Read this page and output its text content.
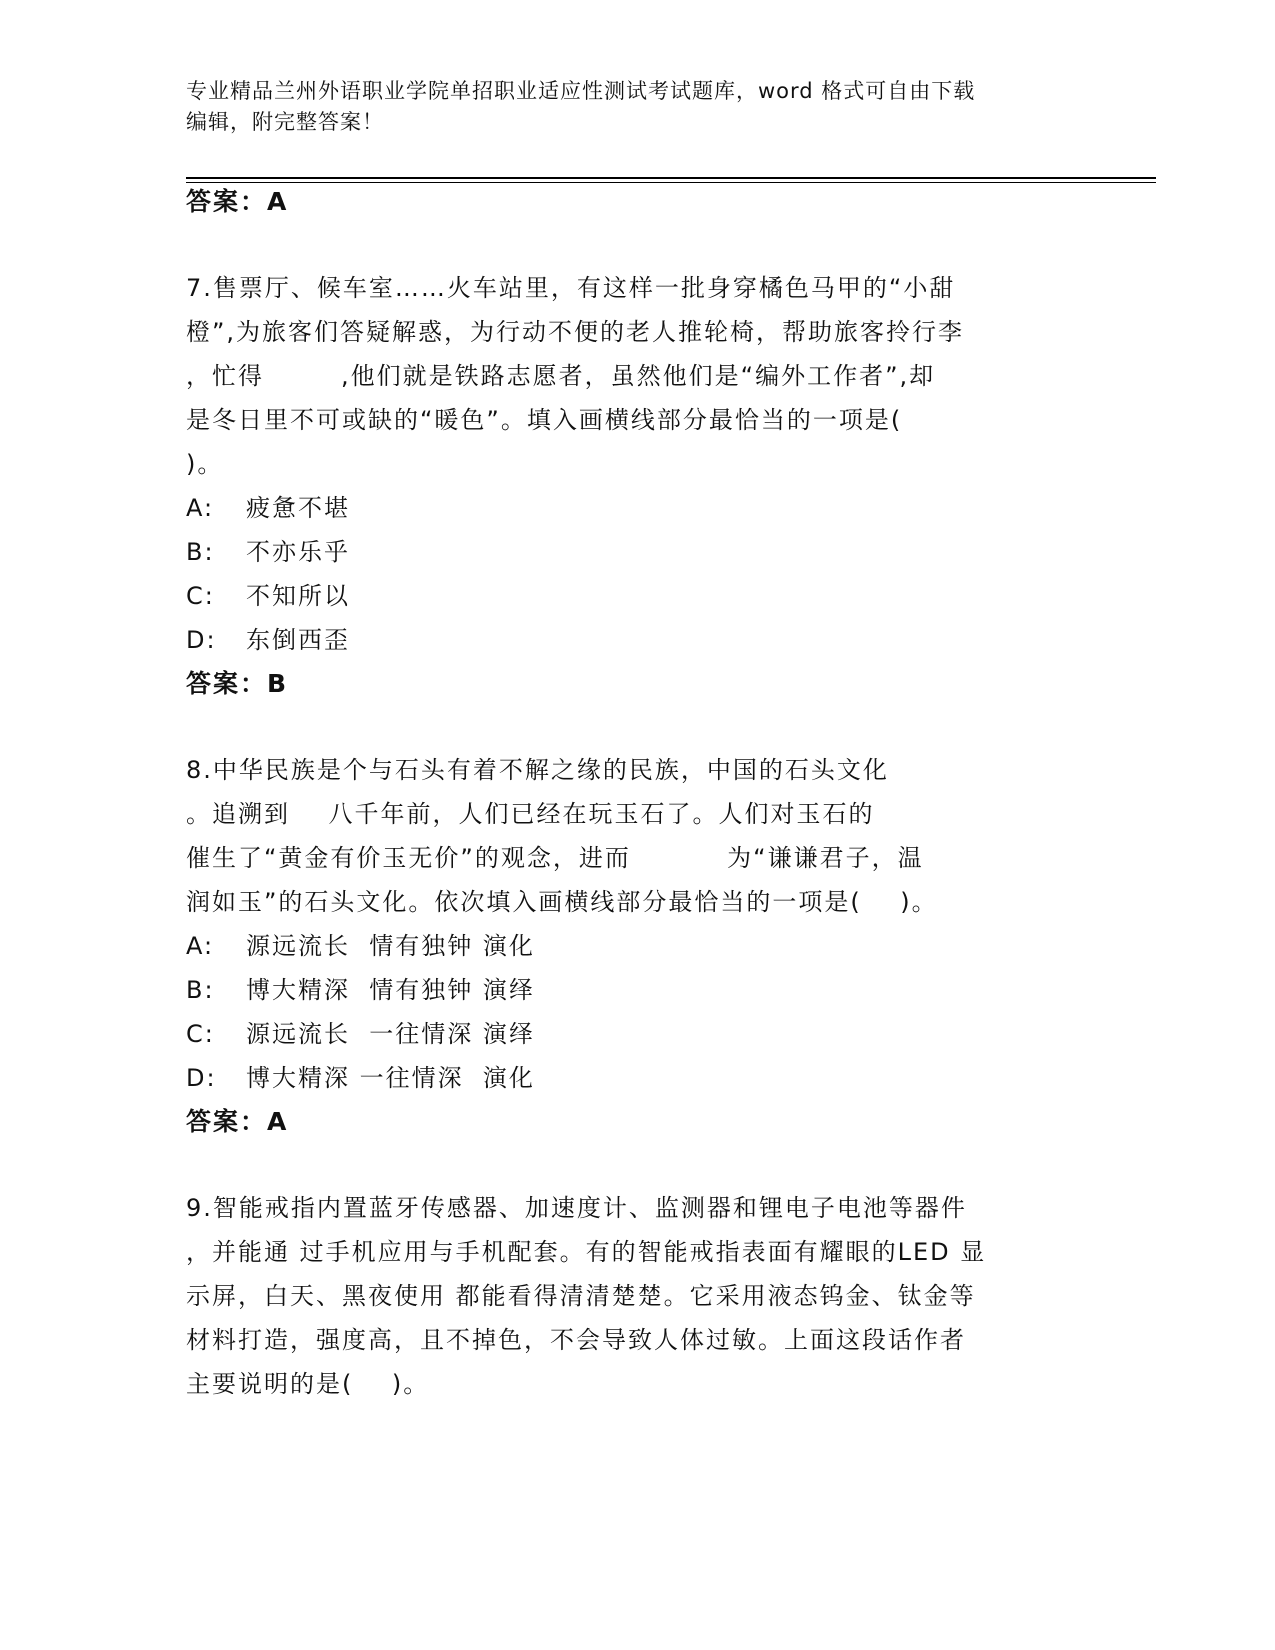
专业精品兰州外语职业学院单招职业适应性测试考试题库，word 格式可自由下载
编辑，附完整答案！
答案：A
7.售票厅、候车室……火车站里，有这样一批身穿橘色马甲的“小甜
橙”,为旅客们答疑解惑，为行动不便的老人推轮椅，帮助旅客拎行李
，忙得        ,他们就是铁路志愿者，虽然他们是“编外工作者”,却
是冬日里不可或缺的“暖色”。填入画横线部分最恰当的一项是(
)。
A: 疲惫不堪
B: 不亦乐乎
C: 不知所以
D: 东倒西歪
答案：B
8.中华民族是个与石头有着不解之缘的民族，中国的石头文化
。追溯到    八千年前，人们已经在玩玉石了。人们对玉石的
催生了“黄金有价玉无价”的观念，进而          为“谦谦君子，温
润如玉”的石头文化。依次填入画横线部分最恰当的一项是(    )。
A: 源远流长  情有独钟 演化
B: 博大精深  情有独钟 演绎
C: 源远流长  一往情深 演绎
D: 博大精深 一往情深  演化
答案：A
9.智能戒指内置蓝牙传感器、加速度计、监测器和锂电子电池等器件
，并能通 过手机应用与手机配套。有的智能戒指表面有耀眼的LED 显
示屏，白天、黑夜使用 都能看得清清楚楚。它采用液态钨金、钛金等
材料打造，强度高，且不掉色，不会导致人体过敏。上面这段话作者
主要说明的是(    )。
